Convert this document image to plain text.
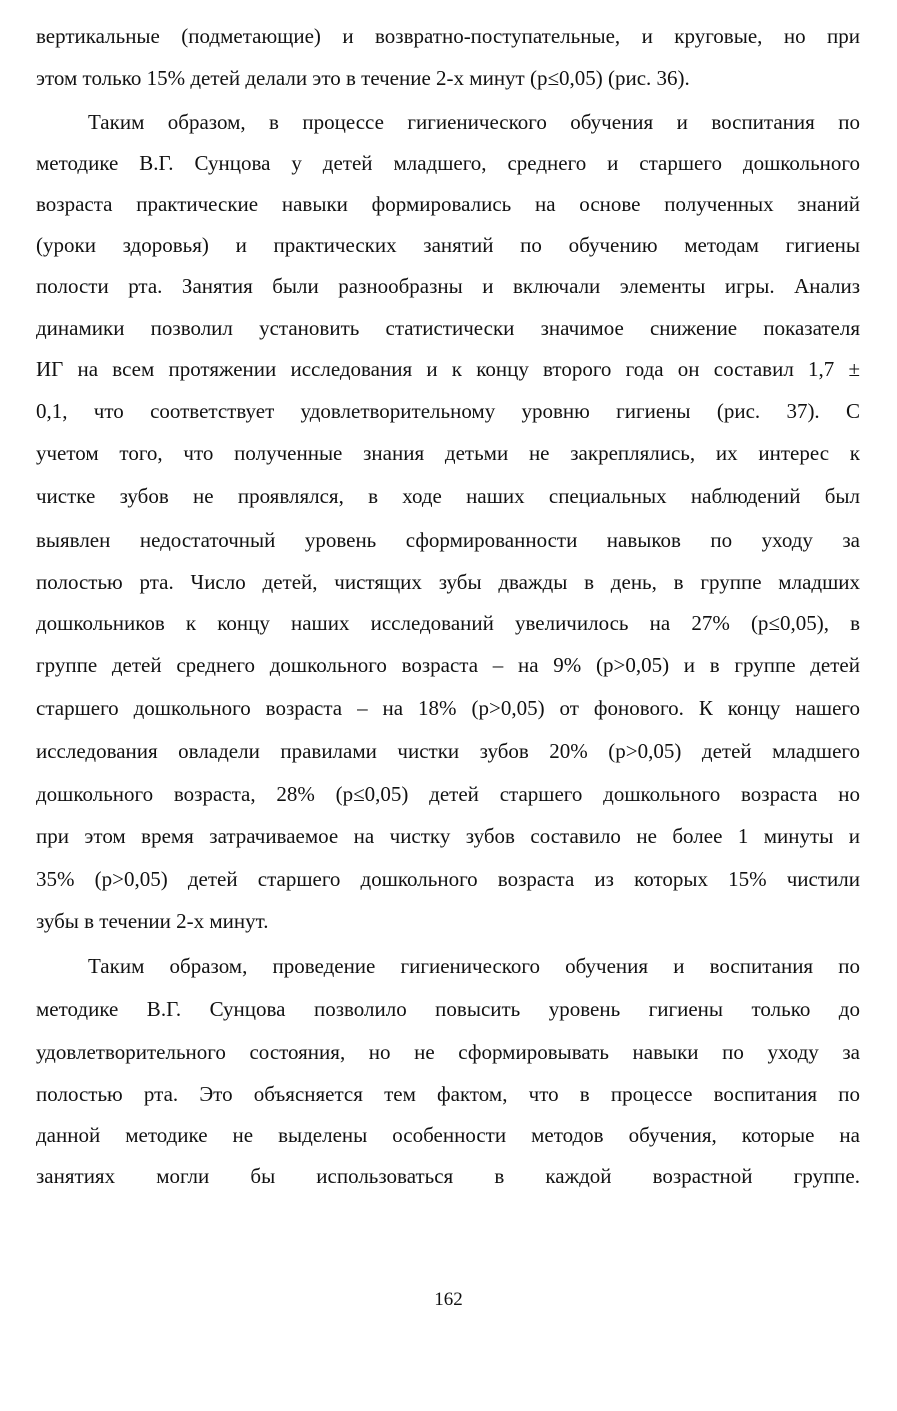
вертикальные (подметающие) и возвратно-поступательные, и круговые, но при
этом только 15% детей делали это в течение 2-х минут (p≤0,05) (рис. 36).
Таким образом, в процессе гигиенического обучения и воспитания по
методике В.Г. Сунцова у детей младшего, среднего и старшего дошкольного
возраста практические навыки формировались на основе полученных знаний
(уроки здоровья) и практических занятий по обучению методам гигиены
полости рта. Занятия были разнообразны и включали элементы игры. Анализ
динамики позволил установить статистически значимое снижение показателя
ИГ на всем протяжении исследования и к концу второго года он составил 1,7 ±
0,1, что соответствует удовлетворительному уровню гигиены (рис. 37). С
учетом того, что полученные знания детьми не закреплялись, их интерес к
чистке зубов не проявлялся, в ходе наших специальных наблюдений был
выявлен недостаточный уровень сформированности навыков по уходу за
полостью рта. Число детей, чистящих зубы дважды в день, в группе младших
дошкольников к концу наших исследований увеличилось на 27% (p≤0,05), в
группе детей среднего дошкольного возраста – на 9% (p>0,05) и в группе детей
старшего дошкольного возраста – на 18% (p>0,05) от фонового. К концу нашего
исследования овладели правилами чистки зубов 20% (p>0,05) детей младшего
дошкольного возраста, 28% (p≤0,05) детей старшего дошкольного возраста но
при этом время затрачиваемое на чистку зубов составило не более 1 минуты и
35% (p>0,05) детей старшего дошкольного возраста из которых 15% чистили
зубы в течении 2-х минут.
Таким образом, проведение гигиенического обучения и воспитания по
методике В.Г. Сунцова позволило повысить уровень гигиены только до
удовлетворительного состояния, но не сформировывать навыки по уходу за
полостью рта. Это объясняется тем фактом, что в процессе воспитания по
данной методике не выделены особенности методов обучения, которые на
занятиях могли бы использоваться в каждой возрастной группе.
162
